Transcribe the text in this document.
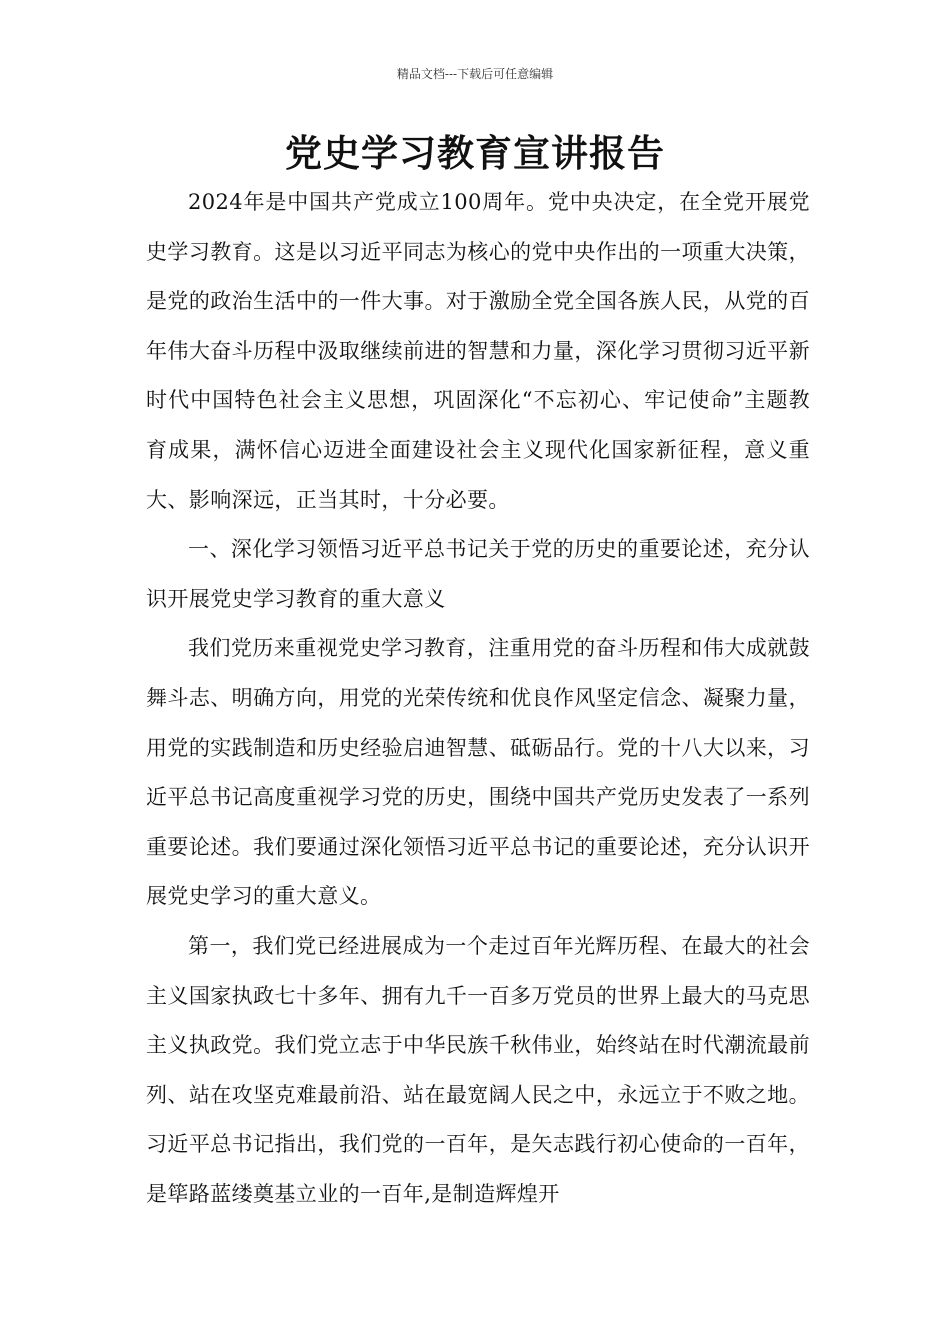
精品文档---下载后可任意编辑
党史学习教育宣讲报告

2024年是中国共产党成立100周年。党中央决定，在全党开展党史学习教育。这是以习近平同志为核心的党中央作出的一项重大决策，是党的政治生活中的一件大事。对于激励全党全国各族人民，从党的百年伟大奋斗历程中汲取继续前进的智慧和力量，深化学习贯彻习近平新时代中国特色社会主义思想，巩固深化“不忘初心、牢记使命”主题教育成果，满怀信心迈进全面建设社会主义现代化国家新征程，意义重大、影响深远，正当其时，十分必要。

一、深化学习领悟习近平总书记关于党的历史的重要论述，充分认识开展党史学习教育的重大意义

我们党历来重视党史学习教育，注重用党的奋斗历程和伟大成就鼓舞斗志、明确方向，用党的光荣传统和优良作风坚定信念、凝聚力量，用党的实践制造和历史经验启迪智慧、砥砺品行。党的十八大以来，习近平总书记高度重视学习党的历史，围绕中国共产党历史发表了一系列重要论述。我们要通过深化领悟习近平总书记的重要论述，充分认识开展党史学习的重大意义。

第一，我们党已经进展成为一个走过百年光辉历程、在最大的社会主义国家执政七十多年、拥有九千一百多万党员的世界上最大的马克思主义执政党。我们党立志于中华民族千秋伟业，始终站在时代潮流最前列、站在攻坚克难最前沿、站在最宽阔人民之中，永远立于不败之地。习近平总书记指出，我们党的一百年，是矢志践行初心使命的一百年，是筚路蓝缕奠基立业的一百年,是制造辉煌开
